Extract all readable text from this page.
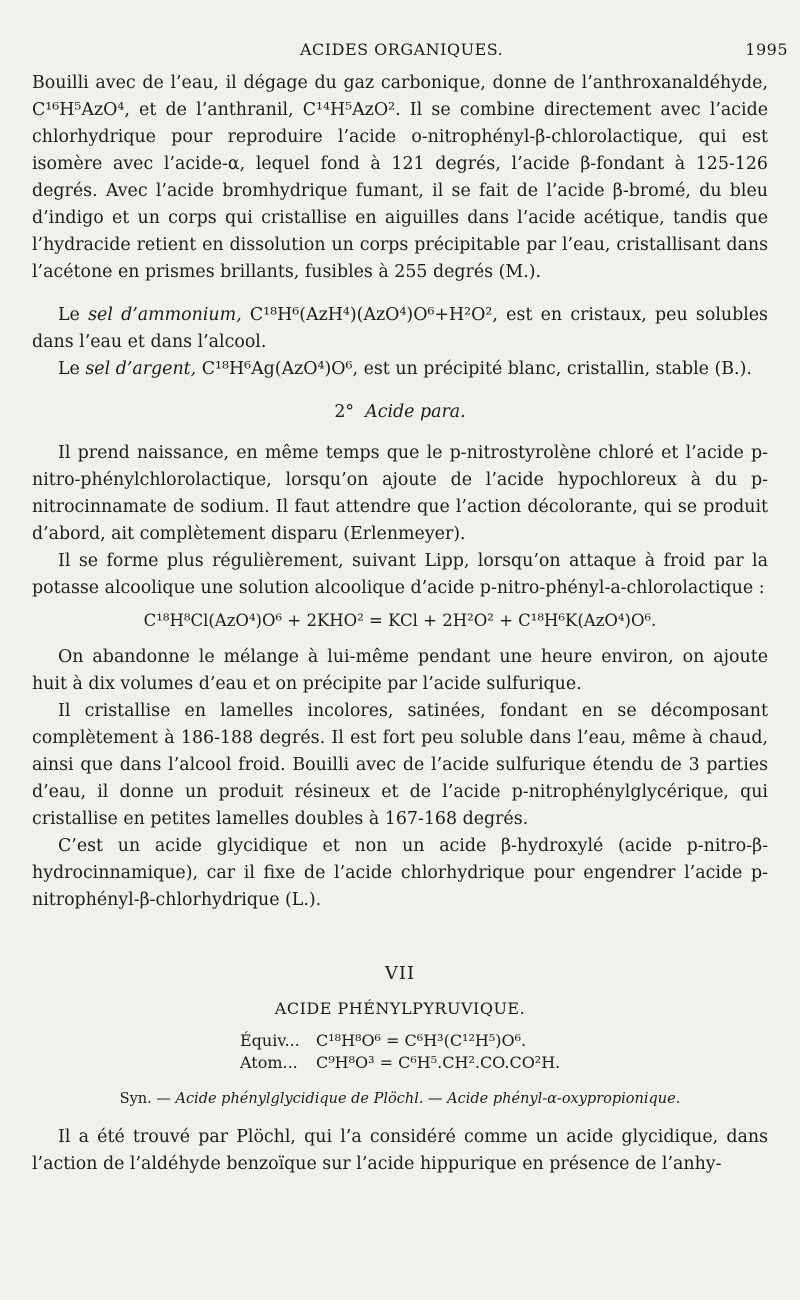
ACIDES ORGANIQUES.	1995

Bouilli avec de l’eau, il dégage du gaz carbonique, donne de l’anthroxanaldéhyde, C¹⁶H⁵AzO⁴, et de l’anthranil, C¹⁴H⁵AzO². Il se combine directement avec l’acide chlorhydrique pour reproduire l’acide o-nitrophényl-β-chlorolactique, qui est isomère avec l’acide-α, lequel fond à 121 degrés, l’acide β-fondant à 125-126 degrés. Avec l’acide bromhydrique fumant, il se fait de l’acide β-bromé, du bleu d’indigo et un corps qui cristallise en aiguilles dans l’acide acétique, tandis que l’hydracide retient en dissolution un corps précipitable par l’eau, cristallisant dans l’acétone en prismes brillants, fusibles à 255 degrés (M.).

Le sel d’ammonium, C¹⁸H⁶(AzH⁴)(AzO⁴)O⁶+H²O², est en cristaux, peu solubles dans l’eau et dans l’alcool.

Le sel d’argent, C¹⁸H⁶Ag(AzO⁴)O⁶, est un précipité blanc, cristallin, stable (B.).

2° Acide para.

Il prend naissance, en même temps que le p-nitrostyrolène chloré et l’acide p-nitro-phénylchlorolactique, lorsqu’on ajoute de l’acide hypochloreux à du p-nitrocinnamate de sodium. Il faut attendre que l’action décolorante, qui se produit d’abord, ait complètement disparu (Erlenmeyer).

Il se forme plus régulièrement, suivant Lipp, lorsqu’on attaque à froid par la potasse alcoolique une solution alcoolique d’acide p-nitro-phényl-a-chlorolactique :

C¹⁸H⁸Cl(AzO⁴)O⁶ + 2KHO² = KCl + 2H²O² + C¹⁸H⁶K(AzO⁴)O⁶.

On abandonne le mélange à lui-même pendant une heure environ, on ajoute huit à dix volumes d’eau et on précipite par l’acide sulfurique.

Il cristallise en lamelles incolores, satinées, fondant en se décomposant complètement à 186-188 degrés. Il est fort peu soluble dans l’eau, même à chaud, ainsi que dans l’alcool froid. Bouilli avec de l’acide sulfurique étendu de 3 parties d’eau, il donne un produit résineux et de l’acide p-nitrophénylglycérique, qui cristallise en petites lamelles doubles à 167-168 degrés.

C’est un acide glycidique et non un acide β-hydroxylé (acide p-nitro-β-hydrocinnamique), car il fixe de l’acide chlorhydrique pour engendrer l’acide p-nitrophényl-β-chlorhydrique (L.).

VII
ACIDE PHÉNYLPYRUVIQUE.
Équiv...	C¹⁸H⁸O⁶ = C⁶H³(C¹²H⁵)O⁶.
Atom...	C⁹H⁸O³ = C⁶H⁵.CH².CO.CO²H.
Syn. — Acide phénylglycidique de Plöchl. — Acide phényl-α-oxypropionique.

Il a été trouvé par Plöchl, qui l’a considéré comme un acide glycidique, dans l’action de l’aldéhyde benzoïque sur l’acide hippurique en présence de l’anhy-
